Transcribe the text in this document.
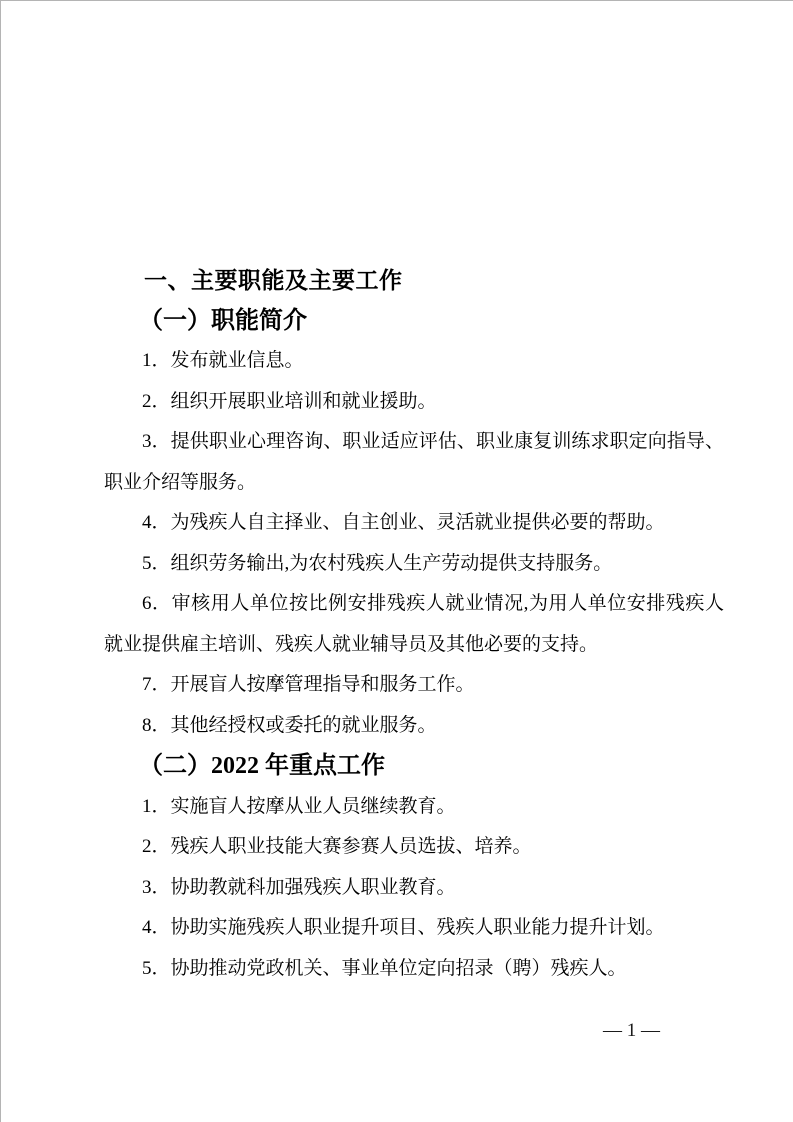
一、主要职能及主要工作
（一）职能简介

1．发布就业信息。

2．组织开展职业培训和就业援助。

3．提供职业心理咨询、职业适应评估、职业康复训练求职定向指导、职业介绍等服务。

4．为残疾人自主择业、自主创业、灵活就业提供必要的帮助。

5．组织劳务输出,为农村残疾人生产劳动提供支持服务。

6．审核用人单位按比例安排残疾人就业情况,为用人单位安排残疾人就业提供雇主培训、残疾人就业辅导员及其他必要的支持。

7．开展盲人按摩管理指导和服务工作。

8．其他经授权或委托的就业服务。

（二）2022 年重点工作

1．实施盲人按摩从业人员继续教育。

2．残疾人职业技能大赛参赛人员选拔、培养。

3．协助教就科加强残疾人职业教育。

4．协助实施残疾人职业提升项目、残疾人职业能力提升计划。

5．协助推动党政机关、事业单位定向招录（聘）残疾人。

— 1 —
